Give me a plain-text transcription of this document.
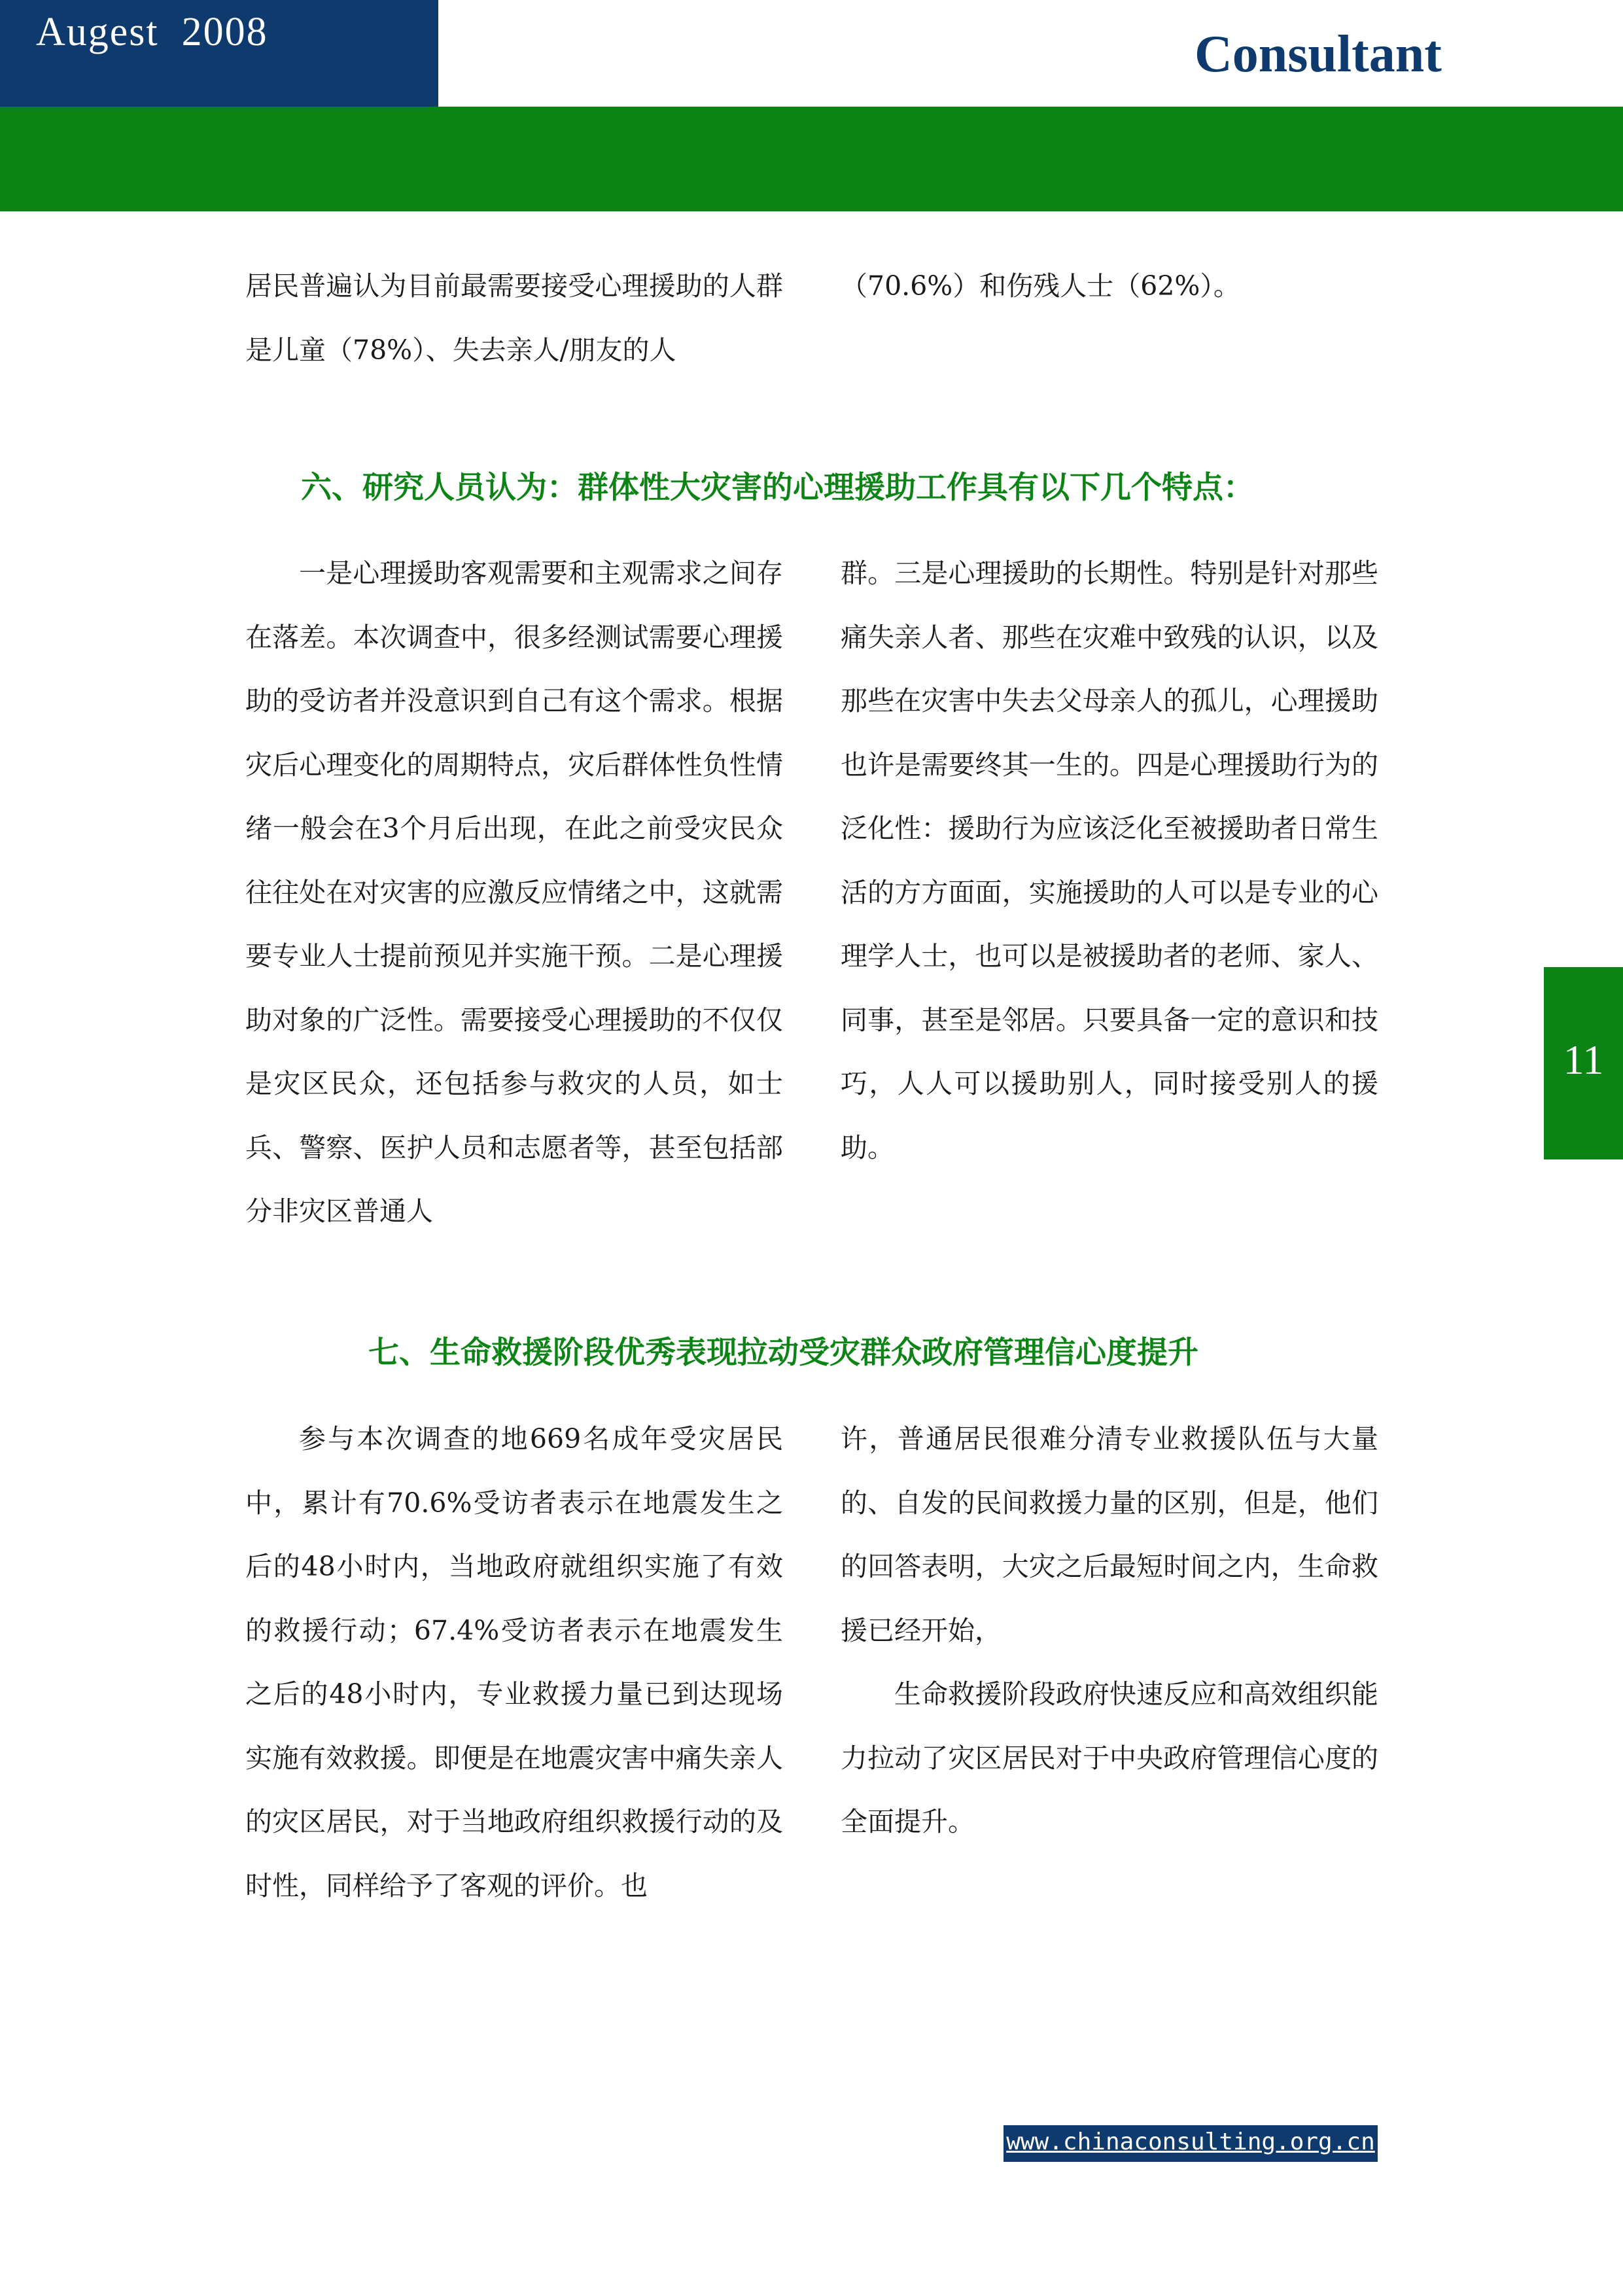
Augest  2008	Consultant
居民普遍认为目前最需要接受心理援助的人群是儿童（78%）、失去亲人/朋友的人
（70.6%）和伤残人士（62%）。
六、研究人员认为：群体性大灾害的心理援助工作具有以下几个特点：
一是心理援助客观需要和主观需求之间存在落差。本次调查中，很多经测试需要心理援助的受访者并没意识到自己有这个需求。根据灾后心理变化的周期特点，灾后群体性负性情绪一般会在3个月后出现，在此之前受灾民众往往处在对灾害的应激反应情绪之中，这就需要专业人士提前预见并实施干预。二是心理援助对象的广泛性。需要接受心理援助的不仅仅是灾区民众，还包括参与救灾的人员，如士兵、警察、医护人员和志愿者等，甚至包括部分非灾区普通人
群。三是心理援助的长期性。特别是针对那些痛失亲人者、那些在灾难中致残的认识，以及那些在灾害中失去父母亲人的孤儿，心理援助也许是需要终其一生的。四是心理援助行为的泛化性：援助行为应该泛化至被援助者日常生活的方方面面，实施援助的人可以是专业的心理学人士，也可以是被援助者的老师、家人、同事，甚至是邻居。只要具备一定的意识和技巧，人人可以援助别人，同时接受别人的援助。
七、生命救援阶段优秀表现拉动受灾群众政府管理信心度提升
参与本次调查的地669名成年受灾居民中，累计有70.6%受访者表示在地震发生之后的48小时内，当地政府就组织实施了有效的救援行动；67.4%受访者表示在地震发生之后的48小时内，专业救援力量已到达现场实施有效救援。即便是在地震灾害中痛失亲人的灾区居民，对于当地政府组织救援行动的及时性，同样给予了客观的评价。也
许，普通居民很难分清专业救援队伍与大量的、自发的民间救援力量的区别，但是，他们的回答表明，大灾之后最短时间之内，生命救援已经开始，
生命救援阶段政府快速反应和高效组织能力拉动了灾区居民对于中央政府管理信心度的全面提升。
11
www.chinaconsulting.org.cn
